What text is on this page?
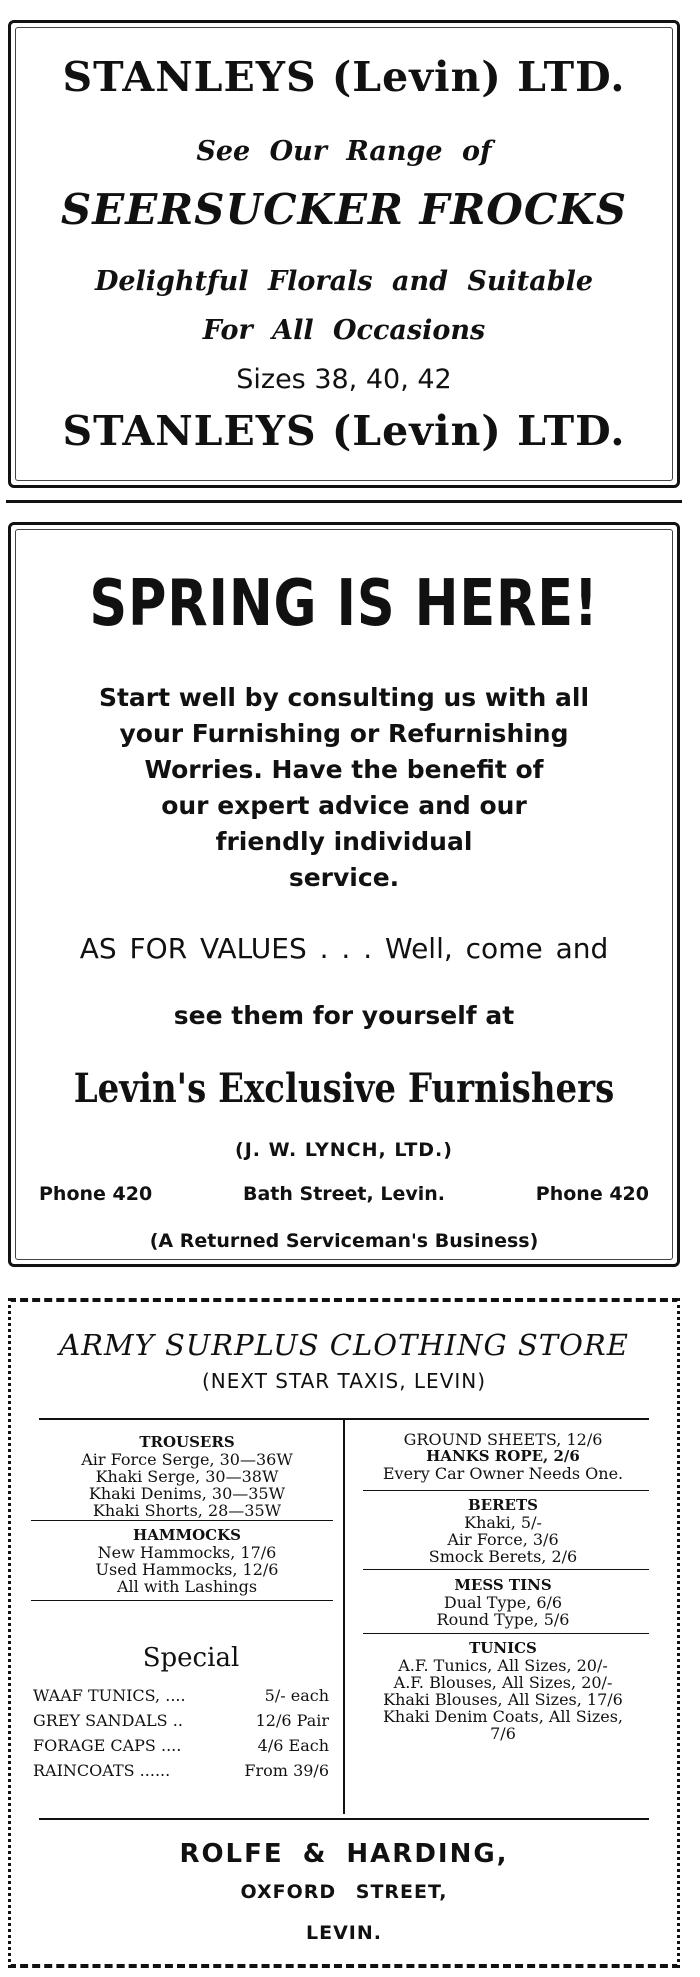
STANLEYS (Levin) LTD.
See Our Range of
SEERSUCKER FROCKS
Delightful Florals and Suitable
For All Occasions
Sizes 38, 40, 42
STANLEYS (Levin) LTD.
SPRING IS HERE!
Start well by consulting us with all
your Furnishing or Refurnishing
Worries. Have the benefit of
our expert advice and our
friendly individual
service.
AS FOR VALUES . . . Well, come and
see them for yourself at
Levin's Exclusive Furnishers
(J. W. LYNCH, LTD.)
Phone 420	Bath Street, Levin.	Phone 420
(A Returned Serviceman's Business)
ARMY SURPLUS CLOTHING STORE
(NEXT STAR TAXIS, LEVIN)
TROUSERS
Air Force Serge, 30—36W
Khaki Serge, 30—38W
Khaki Denims, 30—35W
Khaki Shorts, 28—35W
HAMMOCKS
New Hammocks, 17/6
Used Hammocks, 12/6
All with Lashings
Special
WAAF TUNICS, ....	5/- each
GREY SANDALS ..	12/6 Pair
FORAGE CAPS ....	4/6 Each
RAINCOATS ......	From 39/6
GROUND SHEETS, 12/6
HANKS ROPE, 2/6
Every Car Owner Needs One.
BERETS
Khaki, 5/-
Air Force, 3/6
Smock Berets, 2/6
MESS TINS
Dual Type, 6/6
Round Type, 5/6
TUNICS
A.F. Tunics, All Sizes, 20/-
A.F. Blouses, All Sizes, 20/-
Khaki Blouses, All Sizes, 17/6
Khaki Denim Coats, All Sizes,
7/6
ROLFE & HARDING,
OXFORD STREET,
LEVIN.
